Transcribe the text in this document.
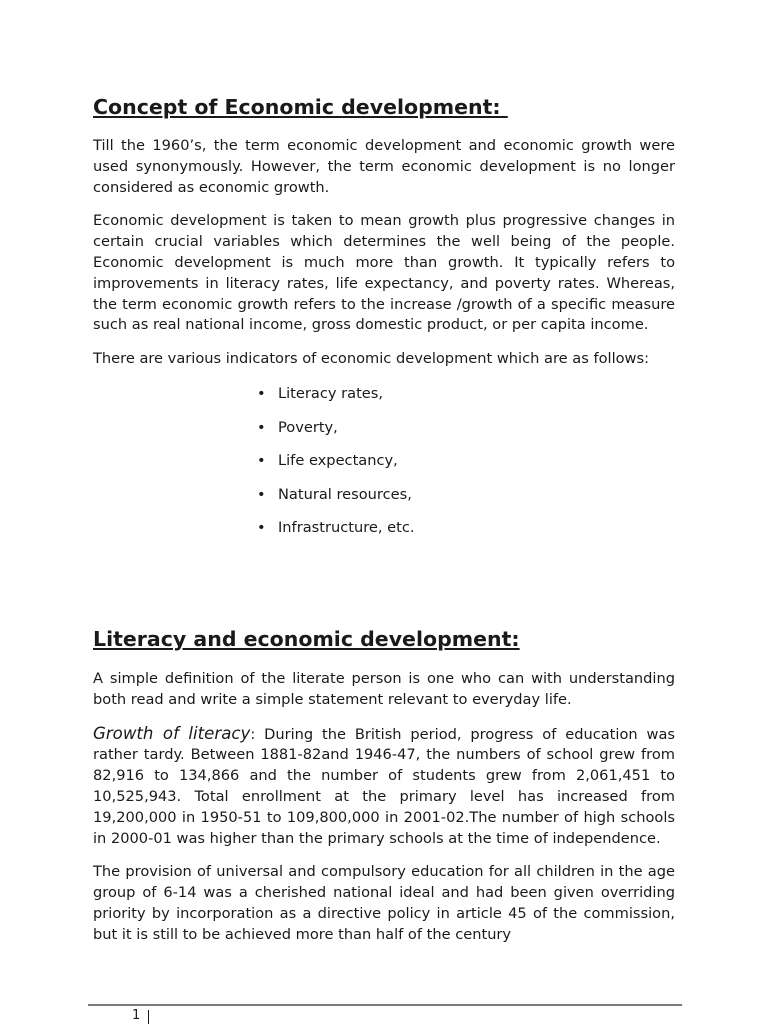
Concept of Economic development:

Till the 1960’s, the term economic development and economic growth were used synonymously. However, the term economic development is no longer considered as economic growth.

Economic development is taken to mean growth plus progressive changes in certain crucial variables which determines the well being of the people. Economic development is much more than growth. It typically refers to improvements in literacy rates, life expectancy, and poverty rates. Whereas, the term economic growth refers to the increase /growth of a specific measure such as real national income, gross domestic product, or per capita income.

There are various indicators of economic development which are as follows:

• Literacy rates,
• Poverty,
• Life expectancy,
• Natural resources,
• Infrastructure, etc.
Literacy and economic development:

A simple definition of the literate person is one who can with understanding both read and write a simple statement relevant to everyday life.

Growth of literacy: During the British period, progress of education was rather tardy. Between 1881-82and 1946-47, the numbers of school grew from 82,916 to 134,866 and the number of students grew from 2,061,451 to 10,525,943. Total enrollment at the primary level has increased from 19,200,000 in 1950-51 to 109,800,000 in 2001-02.The number of high schools in 2000-01 was higher than the primary schools at the time of independence.

The provision of universal and compulsory education for all children in the age group of 6-14 was a cherished national ideal and had been given overriding priority by incorporation as a directive policy in article 45 of the commission, but it is still to be achieved more than half of the century

1
